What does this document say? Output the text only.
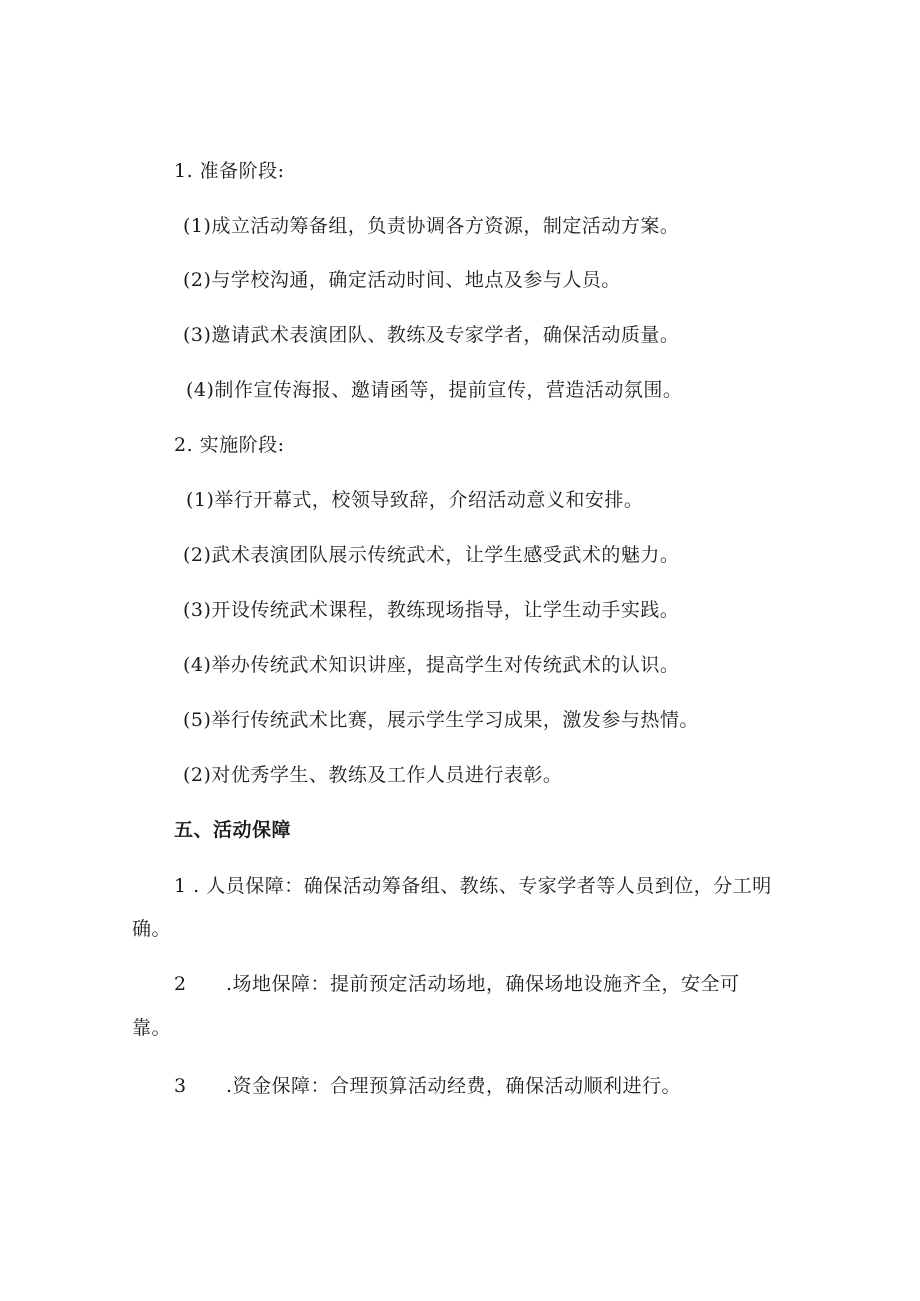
1. 准备阶段:
(1)成立活动筹备组，负责协调各方资源，制定活动方案。
(2)与学校沟通，确定活动时间、地点及参与人员。
(3)邀请武术表演团队、教练及专家学者，确保活动质量。
(4)制作宣传海报、邀请函等，提前宣传，营造活动氛围。
2. 实施阶段:
(1)举行开幕式，校领导致辞，介绍活动意义和安排。
(2)武术表演团队展示传统武术，让学生感受武术的魅力。
(3)开设传统武术课程，教练现场指导，让学生动手实践。
(4)举办传统武术知识讲座，提高学生对传统武术的认识。
(5)举行传统武术比赛，展示学生学习成果，激发参与热情。
(2)对优秀学生、教练及工作人员进行表彰。
五、活动保障
1 . 人员保障：确保活动筹备组、教练、专家学者等人员到位，分工明
确。
2 .场地保障：提前预定活动场地，确保场地设施齐全，安全可
靠。
3 .资金保障：合理预算活动经费，确保活动顺利进行。
